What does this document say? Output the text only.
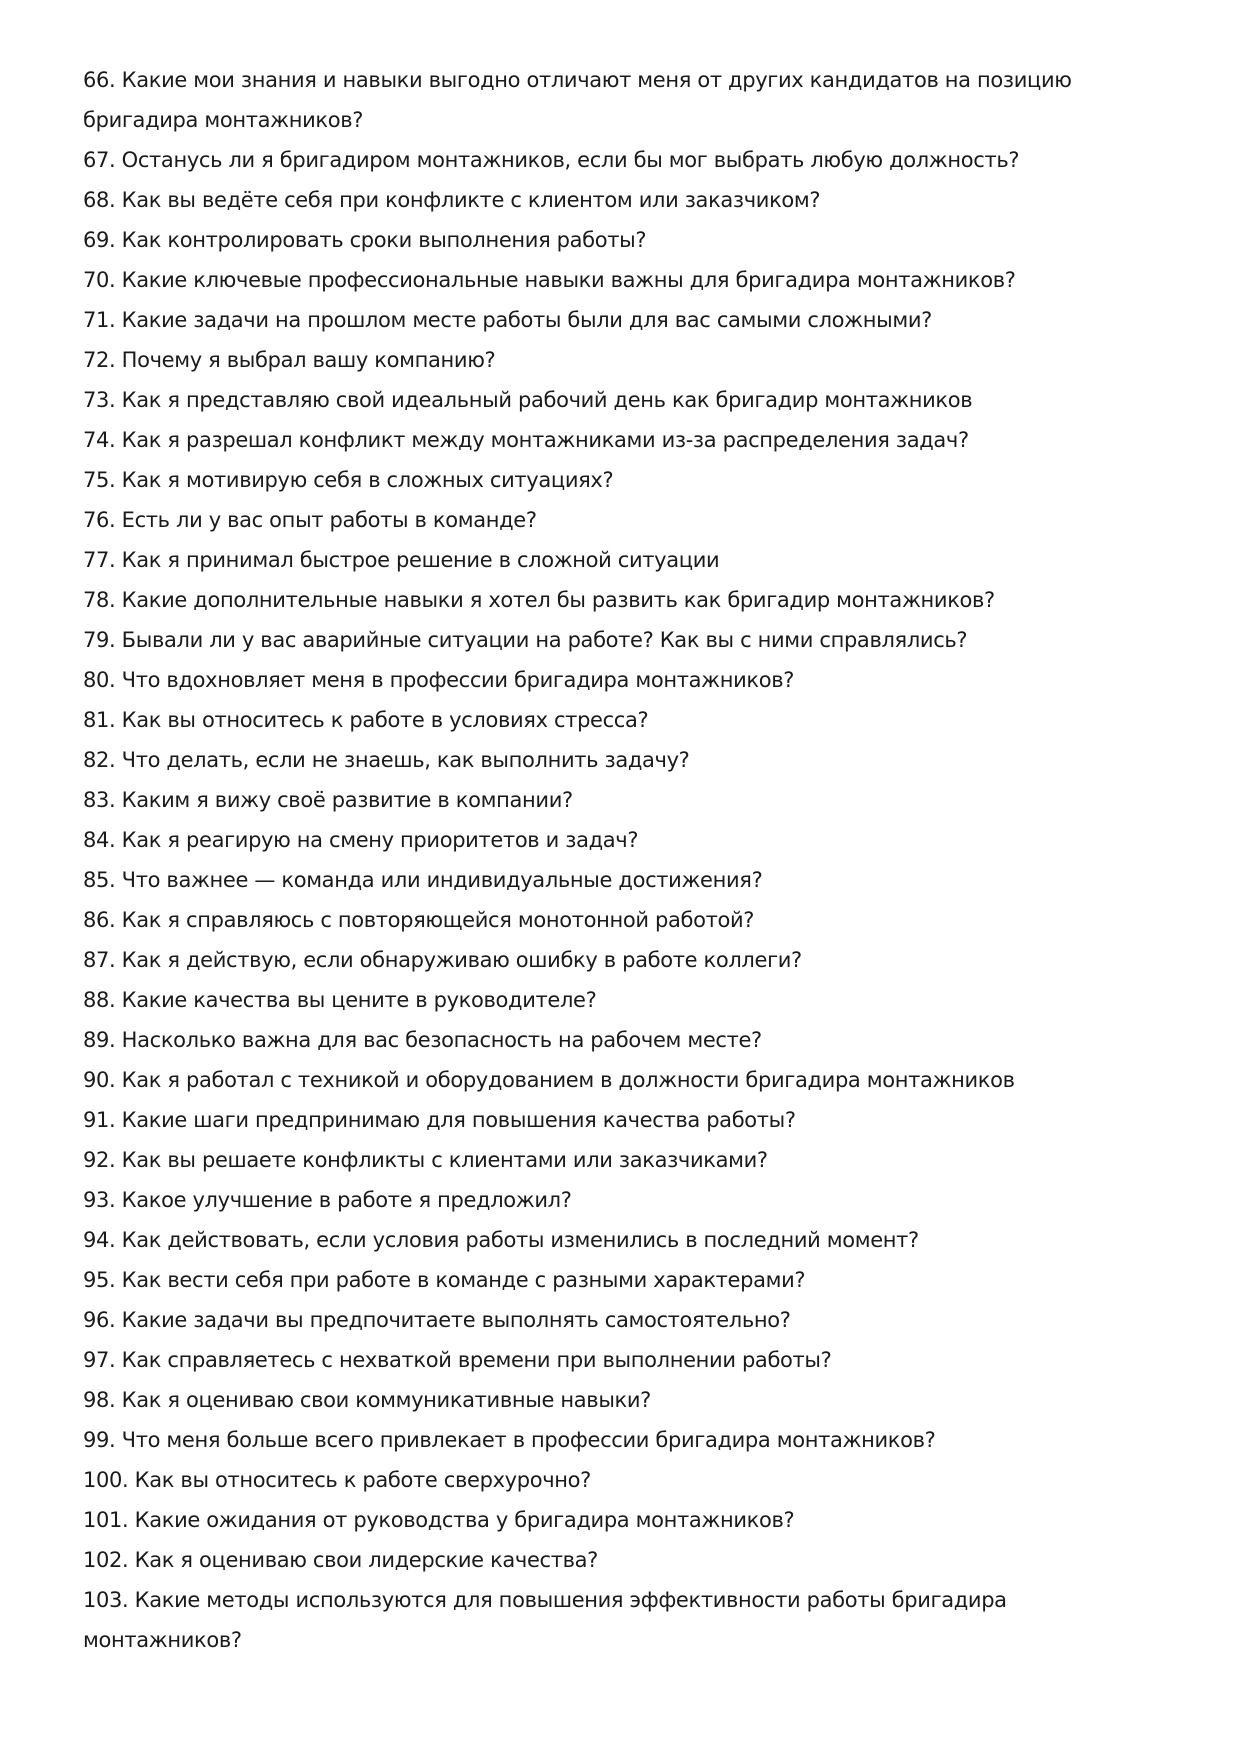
66. Какие мои знания и навыки выгодно отличают меня от других кандидатов на позицию бригадира монтажников?
67. Останусь ли я бригадиром монтажников, если бы мог выбрать любую должность?
68. Как вы ведёте себя при конфликте с клиентом или заказчиком?
69. Как контролировать сроки выполнения работы?
70. Какие ключевые профессиональные навыки важны для бригадира монтажников?
71. Какие задачи на прошлом месте работы были для вас самыми сложными?
72. Почему я выбрал вашу компанию?
73. Как я представляю свой идеальный рабочий день как бригадир монтажников
74. Как я разрешал конфликт между монтажниками из-за распределения задач?
75. Как я мотивирую себя в сложных ситуациях?
76. Есть ли у вас опыт работы в команде?
77. Как я принимал быстрое решение в сложной ситуации
78. Какие дополнительные навыки я хотел бы развить как бригадир монтажников?
79. Бывали ли у вас аварийные ситуации на работе? Как вы с ними справлялись?
80. Что вдохновляет меня в профессии бригадира монтажников?
81. Как вы относитесь к работе в условиях стресса?
82. Что делать, если не знаешь, как выполнить задачу?
83. Каким я вижу своё развитие в компании?
84. Как я реагирую на смену приоритетов и задач?
85. Что важнее — команда или индивидуальные достижения?
86. Как я справляюсь с повторяющейся монотонной работой?
87. Как я действую, если обнаруживаю ошибку в работе коллеги?
88. Какие качества вы цените в руководителе?
89. Насколько важна для вас безопасность на рабочем месте?
90. Как я работал с техникой и оборудованием в должности бригадира монтажников
91. Какие шаги предпринимаю для повышения качества работы?
92. Как вы решаете конфликты с клиентами или заказчиками?
93. Какое улучшение в работе я предложил?
94. Как действовать, если условия работы изменились в последний момент?
95. Как вести себя при работе в команде с разными характерами?
96. Какие задачи вы предпочитаете выполнять самостоятельно?
97. Как справляетесь с нехваткой времени при выполнении работы?
98. Как я оцениваю свои коммуникативные навыки?
99. Что меня больше всего привлекает в профессии бригадира монтажников?
100. Как вы относитесь к работе сверхурочно?
101. Какие ожидания от руководства у бригадира монтажников?
102. Как я оцениваю свои лидерские качества?
103. Какие методы используются для повышения эффективности работы бригадира монтажников?
